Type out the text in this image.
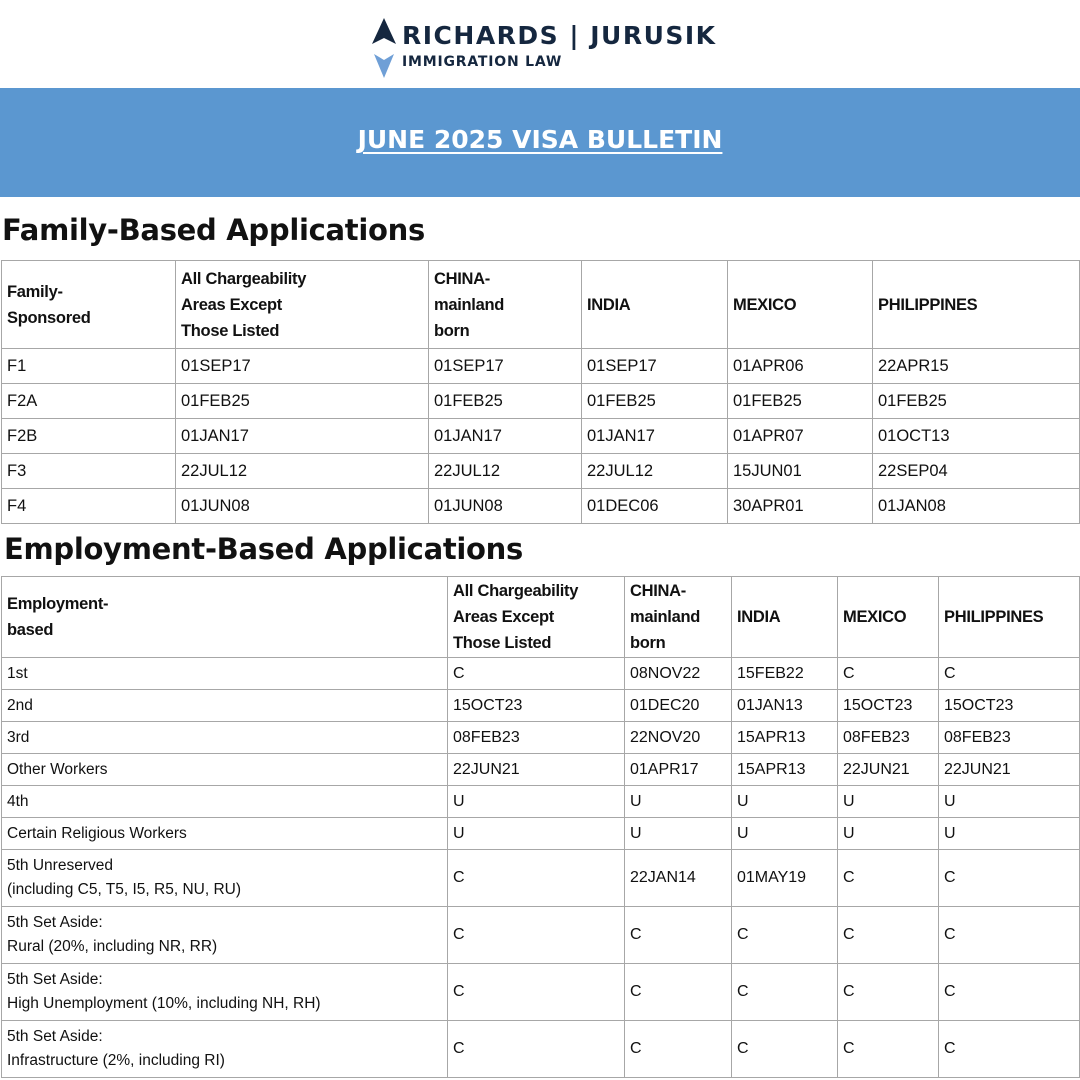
RICHARDS | JURUSIK
IMMIGRATION LAW
JUNE 2025 VISA BULLETIN
Family-Based Applications
Family-
Sponsored	All Chargeability
Areas Except
Those Listed	CHINA-
mainland
born	INDIA	MEXICO	PHILIPPINES
F1	01SEP17	01SEP17	01SEP17	01APR06	22APR15
F2A	01FEB25	01FEB25	01FEB25	01FEB25	01FEB25
F2B	01JAN17	01JAN17	01JAN17	01APR07	01OCT13
F3	22JUL12	22JUL12	22JUL12	15JUN01	22SEP04
F4	01JUN08	01JUN08	01DEC06	30APR01	01JAN08
Employment-Based Applications
Employment-
based	All Chargeability
Areas Except
Those Listed	CHINA-
mainland
born	INDIA	MEXICO	PHILIPPINES
1st	C	08NOV22	15FEB22	C	C
2nd	15OCT23	01DEC20	01JAN13	15OCT23	15OCT23
3rd	08FEB23	22NOV20	15APR13	08FEB23	08FEB23
Other Workers	22JUN21	01APR17	15APR13	22JUN21	22JUN21
4th	U	U	U	U	U
Certain Religious Workers	U	U	U	U	U
5th Unreserved
(including C5, T5, I5, R5, NU, RU)	C	22JAN14	01MAY19	C	C
5th Set Aside:
Rural (20%, including NR, RR)	C	C	C	C	C
5th Set Aside:
High Unemployment (10%, including NH, RH)	C	C	C	C	C
5th Set Aside:
Infrastructure (2%, including RI)	C	C	C	C	C
